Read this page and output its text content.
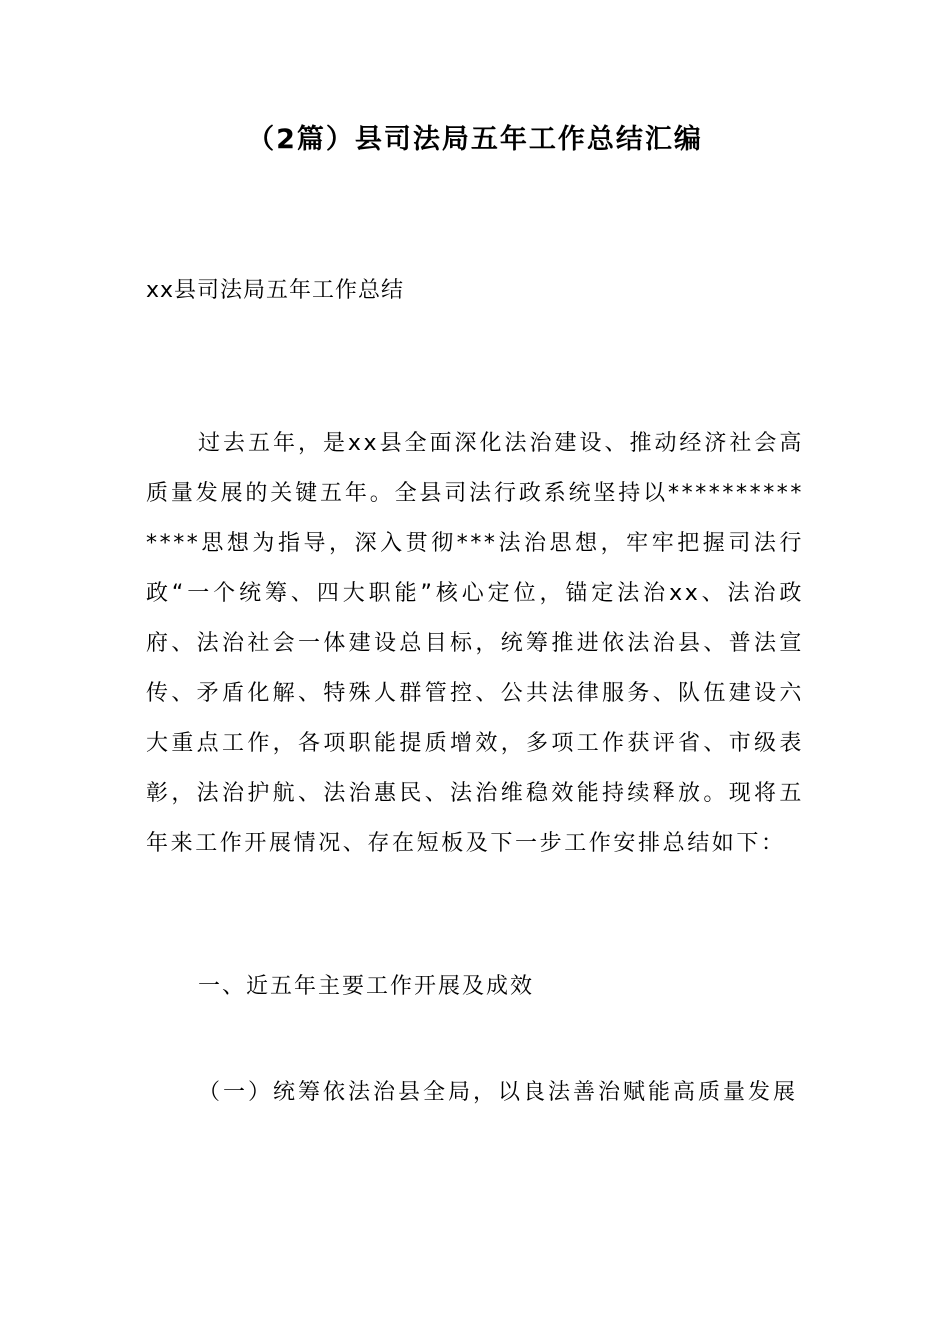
（2篇）县司法局五年工作总结汇编

xx县司法局五年工作总结

过去五年，是xx县全面深化法治建设、推动经济社会高质量发展的关键五年。全县司法行政系统坚持以**************思想为指导，深入贯彻***法治思想，牢牢把握司法行政“一个统筹、四大职能”核心定位，锚定法治xx、法治政府、法治社会一体建设总目标，统筹推进依法治县、普法宣传、矛盾化解、特殊人群管控、公共法律服务、队伍建设六大重点工作，各项职能提质增效，多项工作获评省、市级表彰，法治护航、法治惠民、法治维稳效能持续释放。现将五年来工作开展情况、存在短板及下一步工作安排总结如下：

一、近五年主要工作开展及成效

（一）统筹依法治县全局，以良法善治赋能高质量发展
